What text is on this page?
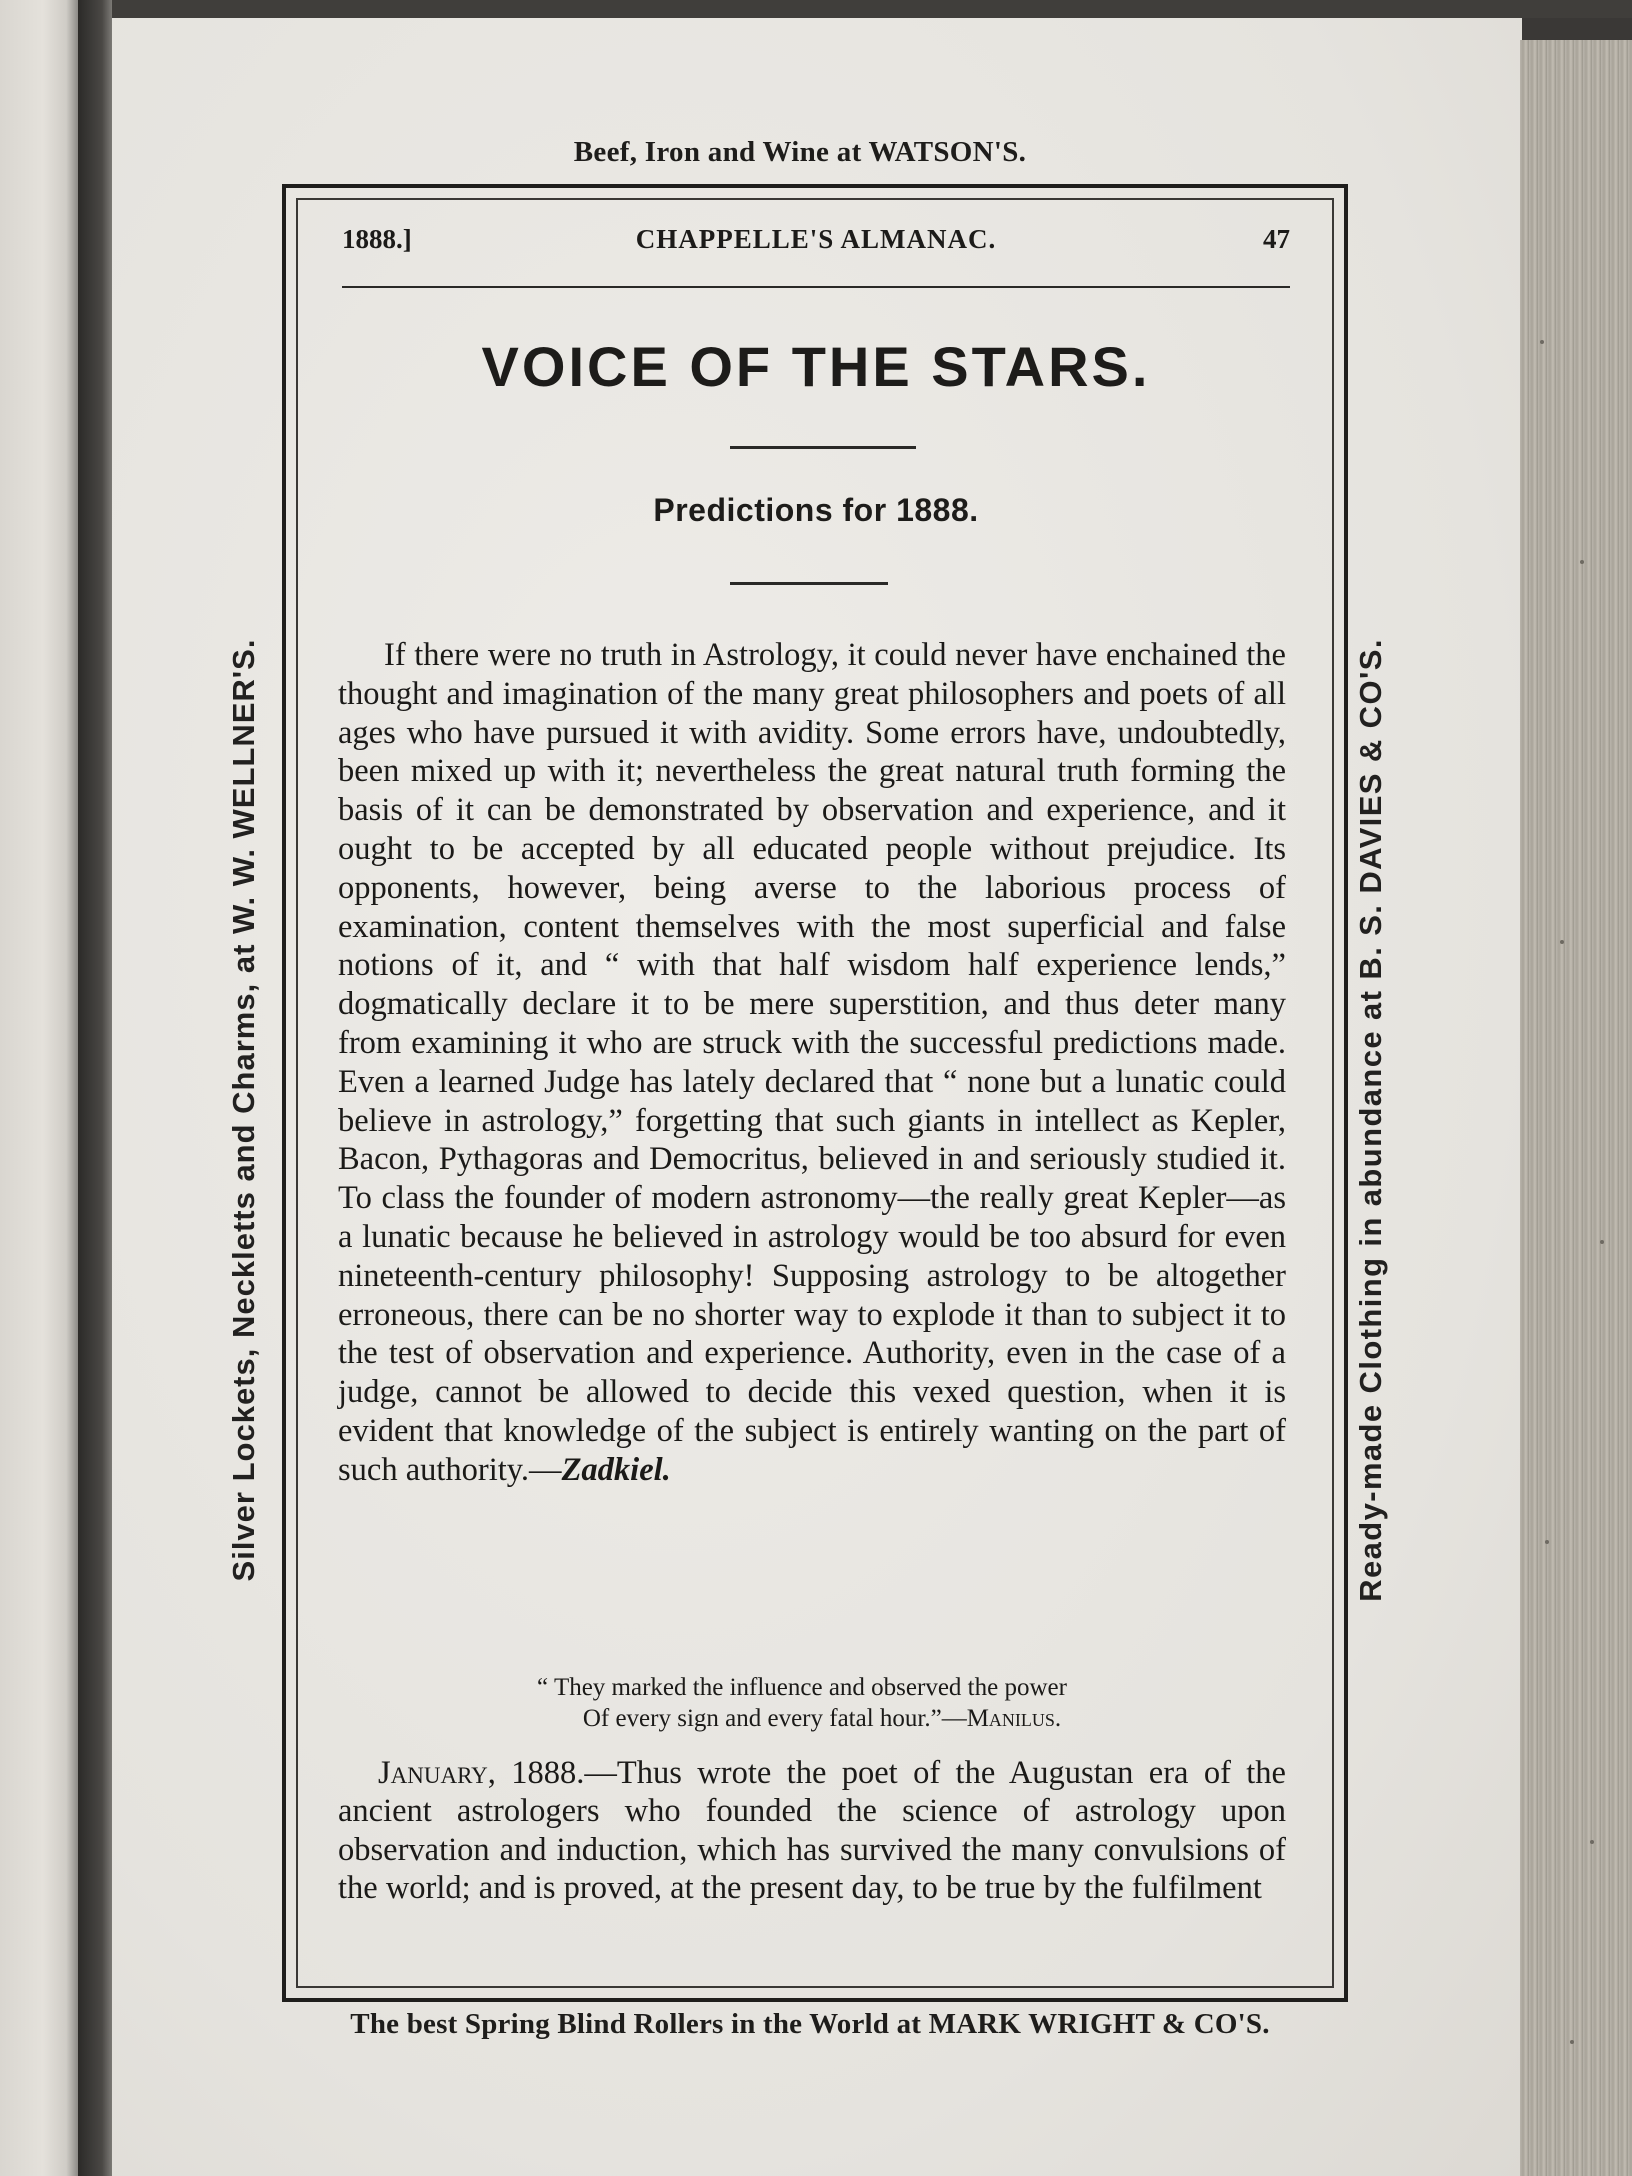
Beef, Iron and Wine at WATSON'S.
Silver Lockets, Neckletts and Charms, at W. W. WELLNER'S.	Ready-made Clothing in abundance at B. S. DAVIES & CO'S.
CHAPPELLE'S ALMANAC.
1888.]	47
VOICE OF THE STARS.
Predictions for 1888.

If there were no truth in Astrology, it could never have enchained the thought and imagination of the many great philosophers and poets of all ages who have pursued it with avidity. Some errors have, undoubtedly, been mixed up with it; nevertheless the great natural truth forming the basis of it can be demonstrated by observation and experience, and it ought to be accepted by all educated people without prejudice. Its opponents, however, being averse to the laborious process of examination, content themselves with the most superficial and false notions of it, and “ with that half wisdom half experience lends,” dogmatically declare it to be mere superstition, and thus deter many from examining it who are struck with the successful predictions made. Even a learned Judge has lately declared that “ none but a lunatic could believe in astrology,” forgetting that such giants in intellect as Kepler, Bacon, Pythagoras and Democritus, believed in and seriously studied it. To class the founder of modern astronomy—the really great Kepler—as a lunatic because he believed in astrology would be too absurd for even nineteenth-century philosophy! Supposing astrology to be altogether erroneous, there can be no shorter way to explode it than to subject it to the test of observation and experience. Authority, even in the case of a judge, cannot be allowed to decide this vexed question, when it is evident that knowledge of the subject is entirely wanting on the part of such authority.—Zadkiel.

“ They marked the influence and observed the power
Of every sign and every fatal hour.”—Manilus.

January, 1888.—Thus wrote the poet of the Augustan era of the ancient astrologers who founded the science of astrology upon observation and induction, which has survived the many convulsions of the world; and is proved, at the present day, to be true by the fulfilment

The best Spring Blind Rollers in the World at MARK WRIGHT & CO'S.
